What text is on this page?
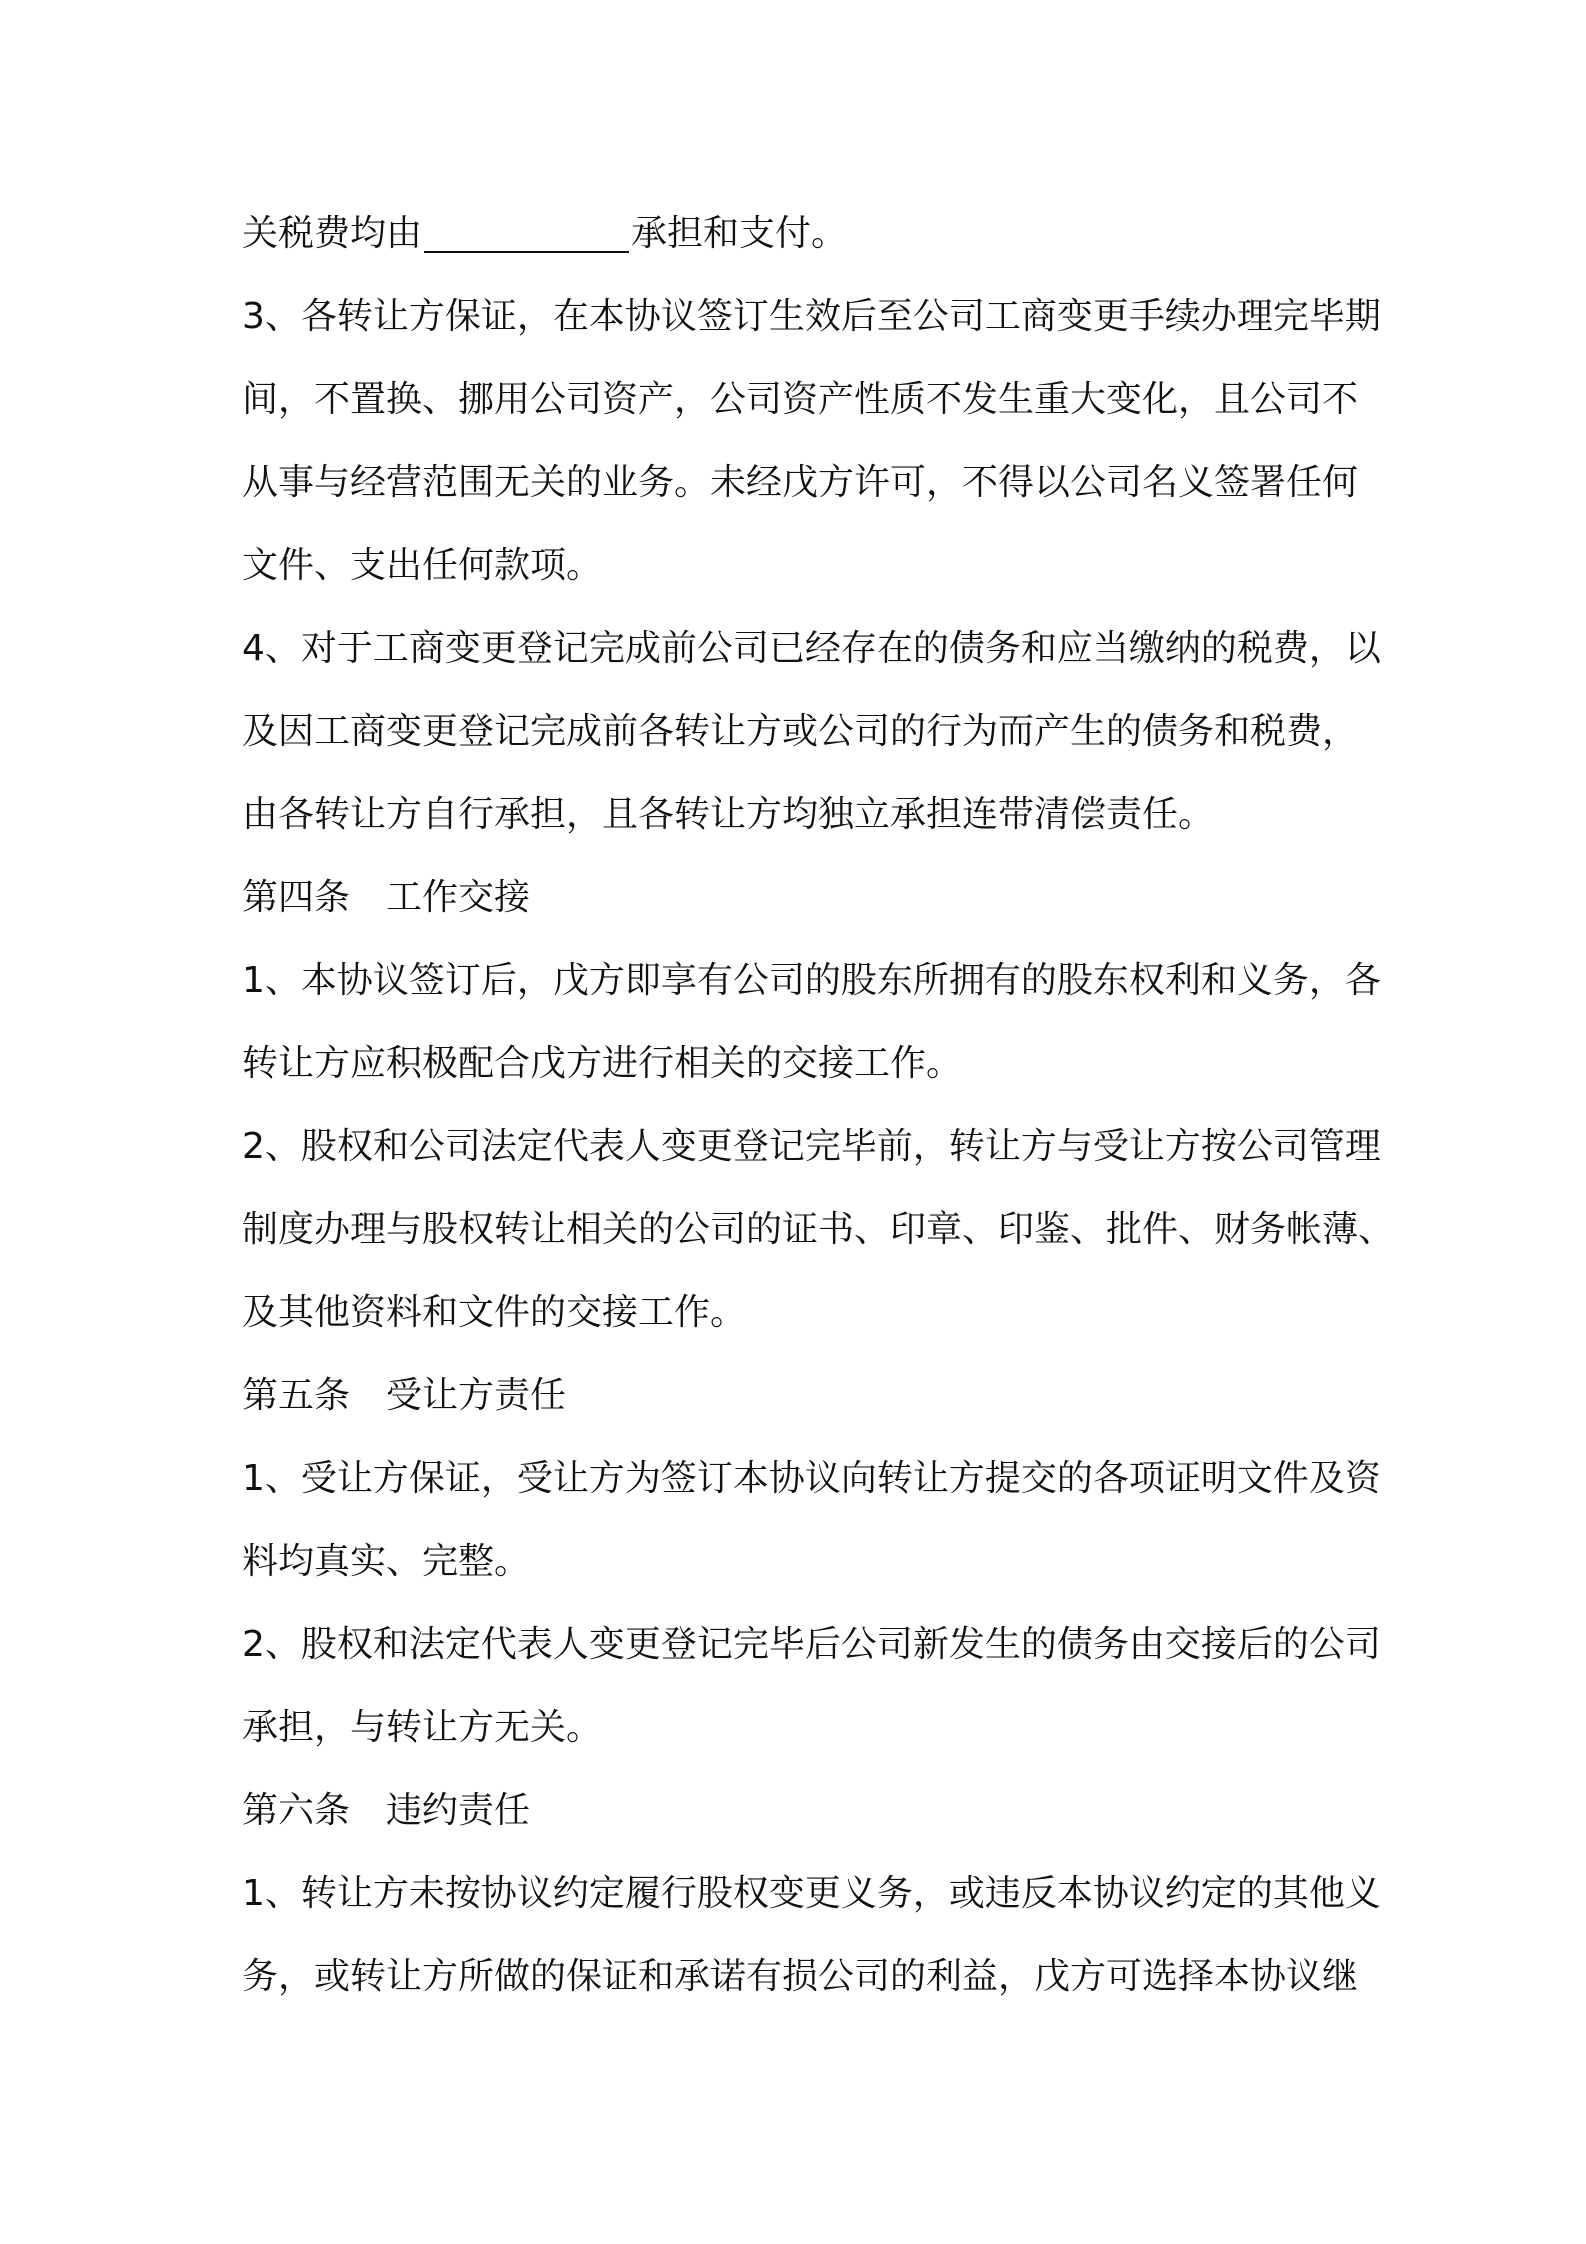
关税费均由	承担和支付。
3、各转让方保证，在本协议签订生效后至公司工商变更手续办理完毕期
间，不置换、挪用公司资产，公司资产性质不发生重大变化，且公司不
从事与经营范围无关的业务。未经戊方许可，不得以公司名义签署任何
文件、支出任何款项。
4、对于工商变更登记完成前公司已经存在的债务和应当缴纳的税费，以
及因工商变更登记完成前各转让方或公司的行为而产生的债务和税费，
由各转让方自行承担，且各转让方均独立承担连带清偿责任。
第四条　工作交接
1、本协议签订后，戊方即享有公司的股东所拥有的股东权利和义务，各
转让方应积极配合戊方进行相关的交接工作。
2、股权和公司法定代表人变更登记完毕前，转让方与受让方按公司管理
制度办理与股权转让相关的公司的证书、印章、印鉴、批件、财务帐薄、
及其他资料和文件的交接工作。
第五条　受让方责任
1、受让方保证，受让方为签订本协议向转让方提交的各项证明文件及资
料均真实、完整。
2、股权和法定代表人变更登记完毕后公司新发生的债务由交接后的公司
承担，与转让方无关。
第六条　违约责任
1、转让方未按协议约定履行股权变更义务，或违反本协议约定的其他义
务，或转让方所做的保证和承诺有损公司的利益，戊方可选择本协议继
